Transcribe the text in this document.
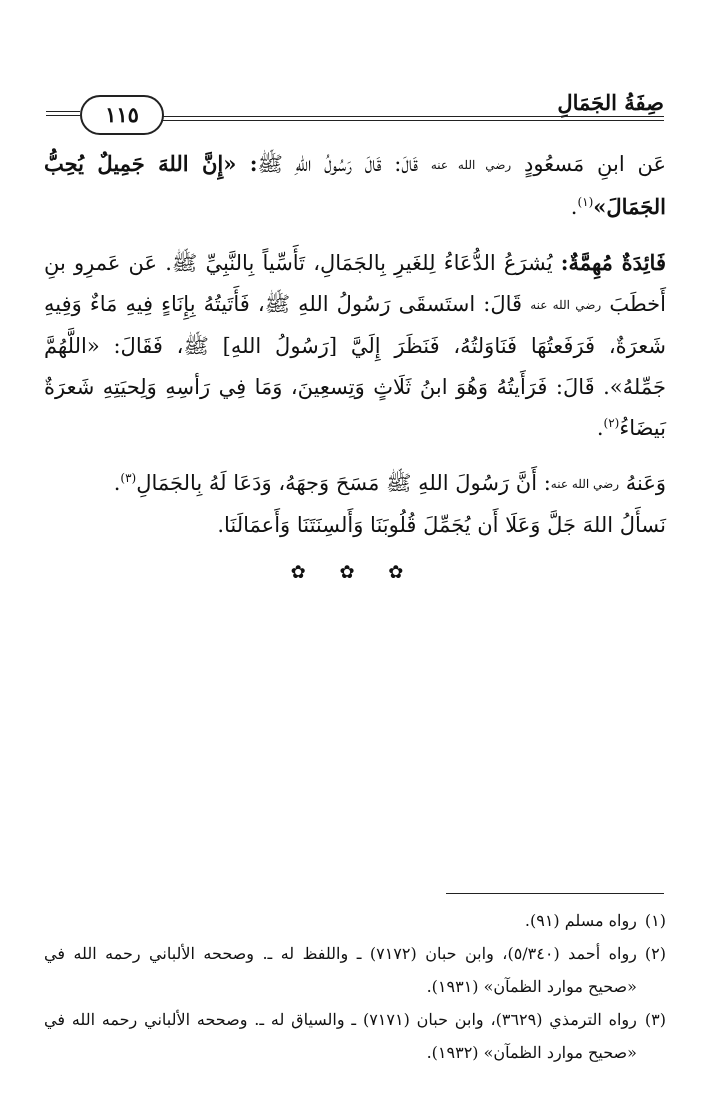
صِفَةُ الجَمَالِ
١١٥

عَن ابنِ مَسعُودٍ رضي الله عنه قَالَ: قَالَ رَسُولُ اللهِ ﷺ: «إِنَّ اللهَ جَمِيلٌ يُحِبُّ الجَمَالَ»$^{(١)}$.

فَائِدَةٌ مُهِمَّةٌ: يُشرَعُ الدُّعَاءُ لِلغَيرِ بِالجَمَالِ، تَأَسِّياً بِالنَّبِيِّ ﷺ. عَن عَمرِو بنِ أَخطَبَ رضي الله عنه قَالَ: استَسقَى رَسُولُ اللهِ ﷺ، فَأَتَيتُهُ بِإِنَاءٍ فِيهِ مَاءٌ وَفِيهِ شَعرَةٌ، فَرَفَعتُهَا فَنَاوَلتُهُ، فَنَظَرَ إِلَيَّ [رَسُولُ اللهِ] ﷺ، فَقَالَ: «اللَّهُمَّ جَمِّلهُ». قَالَ: فَرَأَيتُهُ وَهُوَ ابنُ ثَلَاثٍ وَتِسعِينَ، وَمَا فِي رَأسِهِ وَلِحيَتِهِ شَعرَةٌ بَيضَاءُ$^{(٢)}$.

وَعَنهُ رضي الله عنه: أَنَّ رَسُولَ اللهِ ﷺ مَسَحَ وَجهَهُ، وَدَعَا لَهُ بِالجَمَالِ$^{(٣)}$.

نَسأَلُ اللهَ جَلَّ وَعَلَا أَن يُجَمِّلَ قُلُوبَنَا وَأَلسِنَتَنَا وَأَعمَالَنَا.

✿ ✿ ✿

(١)
رواه مسلم (٩١).

(٢)
رواه أحمد (٥/٣٤٠)، وابن حبان (٧١٧٢) ـ واللفظ له ـ. وصححه الألباني رحمه الله في «صحيح موارد الظمآن» (١٩٣١).

(٣)
رواه الترمذي (٣٦٢٩)، وابن حبان (٧١٧١) ـ والسياق له ـ. وصححه الألباني رحمه الله في «صحيح موارد الظمآن» (١٩٣٢).
